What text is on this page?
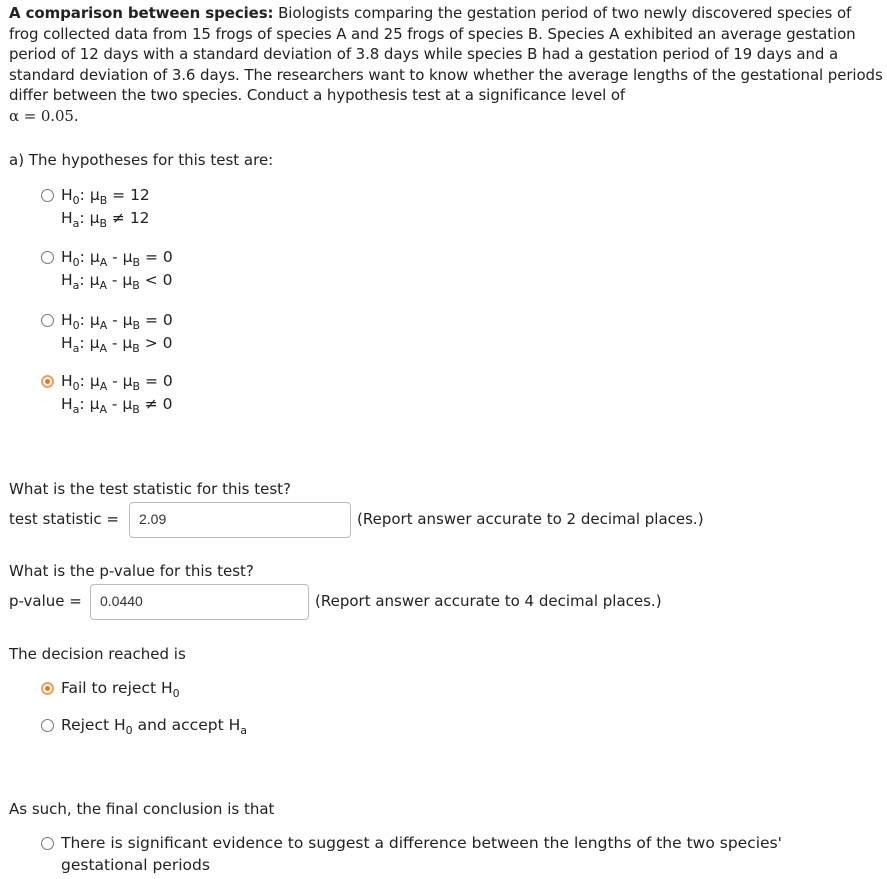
A comparison between species: Biologists comparing the gestation period of two newly discovered species of frog collected data from 15 frogs of species A and 25 frogs of species B. Species A exhibited an average gestation period of 12 days with a standard deviation of 3.8 days while species B had a gestation period of 19 days and a standard deviation of 3.6 days. The researchers want to know whether the average lengths of the gestational periods differ between the two species. Conduct a hypothesis test at a significance level of
α = 0.05.
a) The hypotheses for this test are:
$H_0$: $\mu_B = 12$
$H_a$: $\mu_B \ne 12$
$H_0$: $\mu_A - \mu_B = 0$
$H_a$: $\mu_A - \mu_B < 0$
$H_0$: $\mu_A - \mu_B = 0$
$H_a$: $\mu_A - \mu_B > 0$
$H_0$: $\mu_A - \mu_B = 0$
$H_a$: $\mu_A - \mu_B \ne 0$
What is the test statistic for this test?
test statistic =	2.09	(Report answer accurate to 2 decimal places.)
What is the p-value for this test?
p-value =	0.0440	(Report answer accurate to 4 decimal places.)
The decision reached is
Fail to reject $H_0$
Reject $H_0$ and accept $H_a$
As such, the final conclusion is that
There is significant evidence to suggest a difference between the lengths of the two species'
gestational periods
